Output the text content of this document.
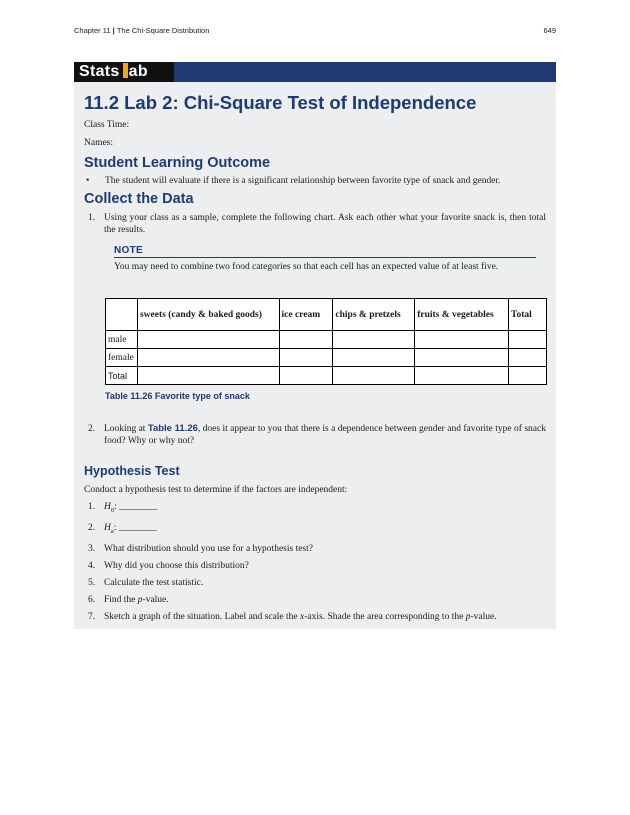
Chapter 11 | The Chi-Square Distribution	649
Stats ab
11.2 Lab 2: Chi-Square Test of Independence
Class Time:
Names:
Student Learning Outcome
•	The student will evaluate if there is a significant relationship between favorite type of snack and gender.
Collect the Data
1. Using your class as a sample, complete the following chart. Ask each other what your favorite snack is, then total the results.
NOTE
You may need to combine two food categories so that each cell has an expected value of at least five.
	sweets (candy & baked goods)	ice cream	chips & pretzels	fruits & vegetables	Total
male					
female					
Total					
Table 11.26 Favorite type of snack
2. Looking at Table 11.26, does it appear to you that there is a dependence between gender and favorite type of snack food? Why or why not?
Hypothesis Test
Conduct a hypothesis test to determine if the factors are independent:
1. $H_0$: ________
2. $H_a$: ________
3. What distribution should you use for a hypothesis test?
4. Why did you choose this distribution?
5. Calculate the test statistic.
6. Find the p-value.
7. Sketch a graph of the situation. Label and scale the x-axis. Shade the area corresponding to the p-value.
